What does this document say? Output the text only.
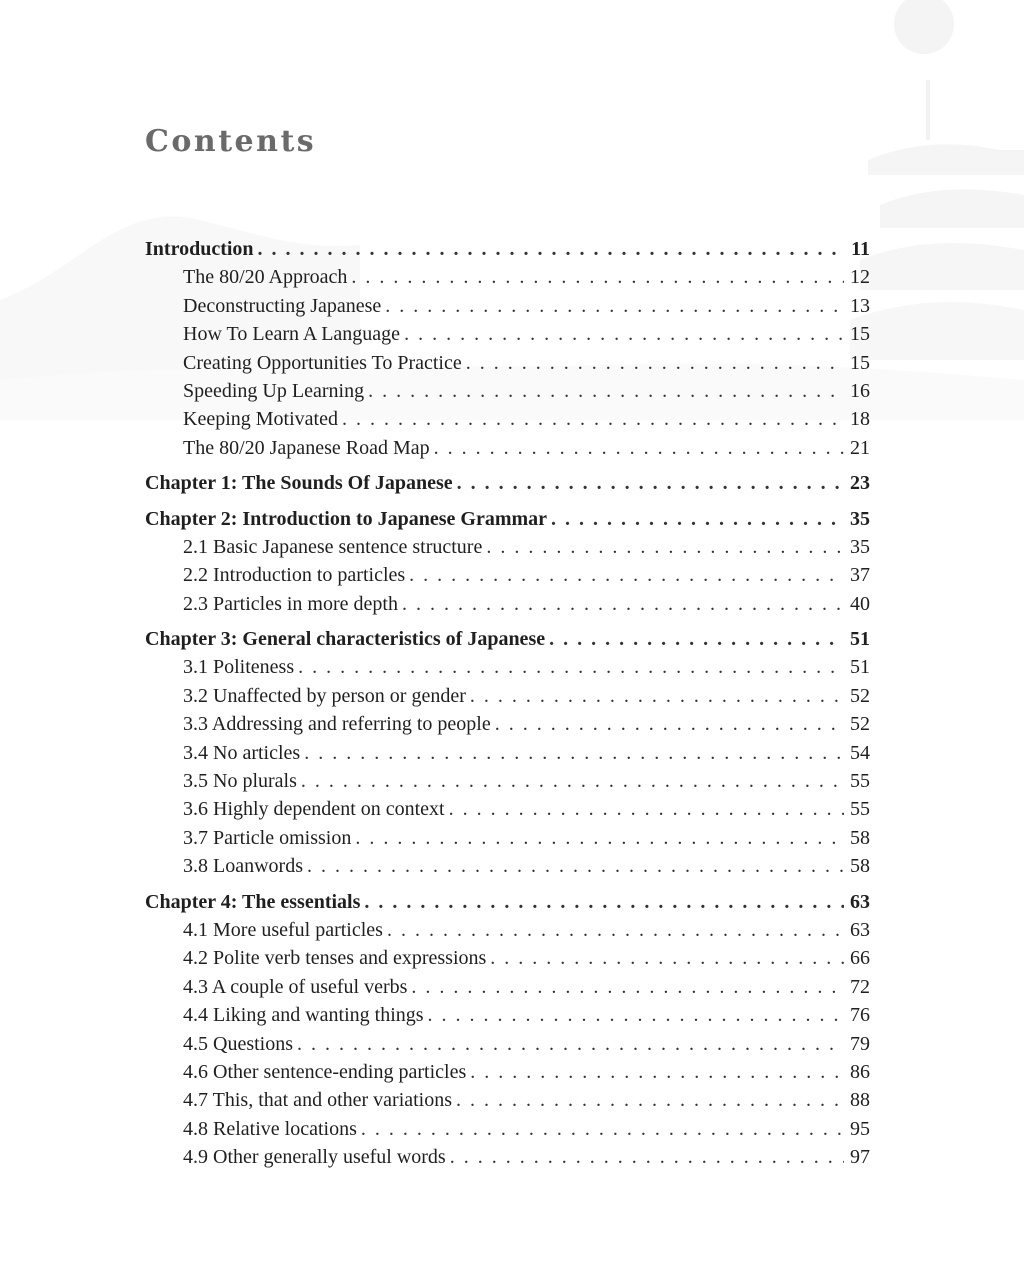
Contents
Introduction . . .	11
The 80/20 Approach . . .	12
Deconstructing Japanese . . .	13
How To Learn A Language . . .	15
Creating Opportunities To Practice . . .	15
Speeding Up Learning . . .	16
Keeping Motivated . . .	18
The 80/20 Japanese Road Map . . .	21
Chapter 1: The Sounds Of Japanese . . .	23
Chapter 2: Introduction to Japanese Grammar . . .	35
2.1 Basic Japanese sentence structure . . .	35
2.2 Introduction to particles . . .	37
2.3 Particles in more depth . . .	40
Chapter 3: General characteristics of Japanese . . .	51
3.1 Politeness . . .	51
3.2 Unaffected by person or gender . . .	52
3.3 Addressing and referring to people . . .	52
3.4 No articles . . .	54
3.5 No plurals . . .	55
3.6 Highly dependent on context . . .	55
3.7 Particle omission . . .	58
3.8 Loanwords . . .	58
Chapter 4: The essentials . . .	63
4.1 More useful particles . . .	63
4.2 Polite verb tenses and expressions . . .	66
4.3 A couple of useful verbs . . .	72
4.4 Liking and wanting things . . .	76
4.5 Questions . . .	79
4.6 Other sentence-ending particles . . .	86
4.7 This, that and other variations . . .	88
4.8 Relative locations . . .	95
4.9 Other generally useful words . . .	97
